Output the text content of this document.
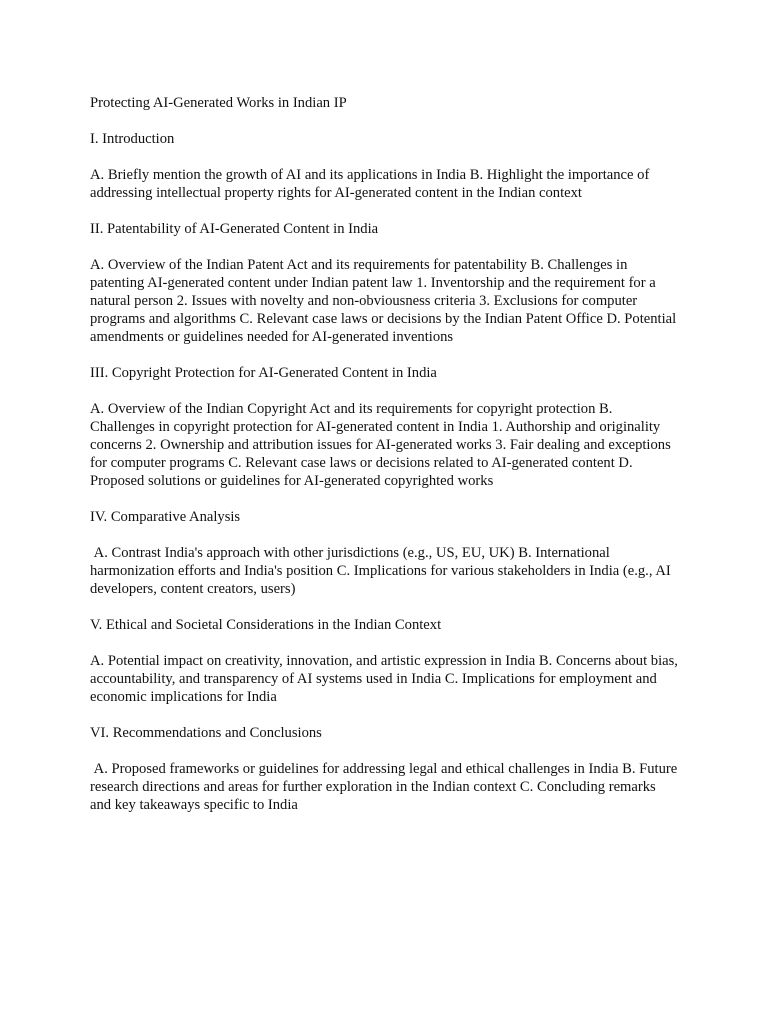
Protecting AI-Generated Works in Indian IP

I. Introduction

A. Briefly mention the growth of AI and its applications in India B. Highlight the importance of addressing intellectual property rights for AI-generated content in the Indian context

II. Patentability of AI-Generated Content in India

A. Overview of the Indian Patent Act and its requirements for patentability B. Challenges in patenting AI-generated content under Indian patent law 1. Inventorship and the requirement for a natural person 2. Issues with novelty and non-obviousness criteria 3. Exclusions for computer programs and algorithms C. Relevant case laws or decisions by the Indian Patent Office D. Potential amendments or guidelines needed for AI-generated inventions

III. Copyright Protection for AI-Generated Content in India

A. Overview of the Indian Copyright Act and its requirements for copyright protection B. Challenges in copyright protection for AI-generated content in India 1. Authorship and originality concerns 2. Ownership and attribution issues for AI-generated works 3. Fair dealing and exceptions for computer programs C. Relevant case laws or decisions related to AI-generated content D. Proposed solutions or guidelines for AI-generated copyrighted works

IV. Comparative Analysis

A. Contrast India's approach with other jurisdictions (e.g., US, EU, UK) B. International harmonization efforts and India's position C. Implications for various stakeholders in India (e.g., AI developers, content creators, users)

V. Ethical and Societal Considerations in the Indian Context

A. Potential impact on creativity, innovation, and artistic expression in India B. Concerns about bias, accountability, and transparency of AI systems used in India C. Implications for employment and economic implications for India

VI. Recommendations and Conclusions

A. Proposed frameworks or guidelines for addressing legal and ethical challenges in India B. Future research directions and areas for further exploration in the Indian context C. Concluding remarks and key takeaways specific to India
